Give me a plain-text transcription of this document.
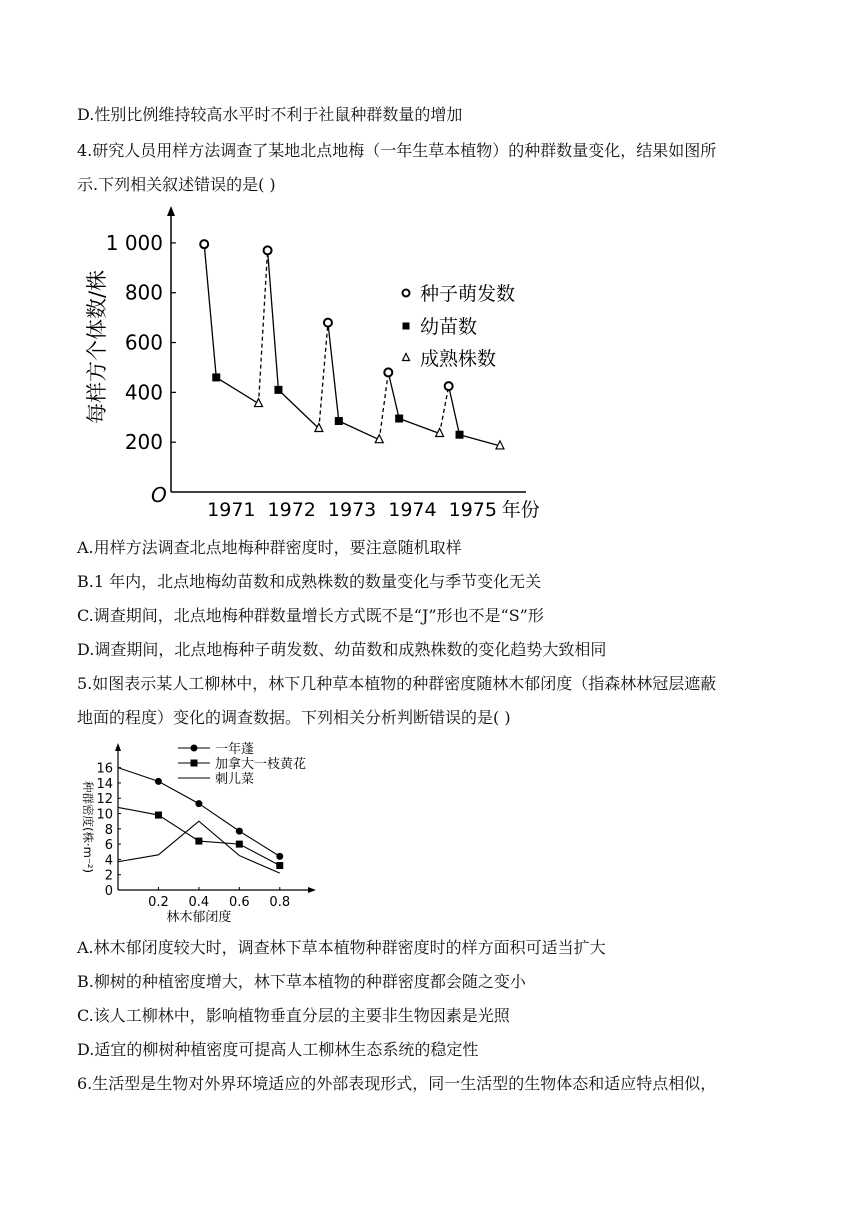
D.性别比例维持较高水平时不利于社鼠种群数量的增加
4.研究人员用样方法调查了某地北点地梅（一年生草本植物）的种群数量变化，结果如图所
示.下列相关叙述错误的是( )
O
200
400
600
800
1 000
1971 1972 1973 1974 1975 年份
每样方个体数/株	种子萌发数
幼苗数
成熟株数
A.用样方法调查北点地梅种群密度时，要注意随机取样
B.1 年内，北点地梅幼苗数和成熟株数的数量变化与季节变化无关
C.调查期间，北点地梅种群数量增长方式既不是“J”形也不是“S”形
D.调查期间，北点地梅种子萌发数、幼苗数和成熟株数的变化趋势大致相同
5.如图表示某人工柳林中，林下几种草本植物的种群密度随林木郁闭度（指森林林冠层遮蔽
地面的程度）变化的调查数据。下列相关分析判断错误的是( )
0
2
4
6
8
10
12
14
16
0.2 0.4 0.6 0.8
林木郁闭度
种群密度(株·m⁻²)
一年蓬
加拿大一枝黄花
刺儿菜
A.林木郁闭度较大时，调查林下草本植物种群密度时的样方面积可适当扩大
B.柳树的种植密度增大，林下草本植物的种群密度都会随之变小
C.该人工柳林中，影响植物垂直分层的主要非生物因素是光照
D.适宜的柳树种植密度可提高人工柳林生态系统的稳定性
6.生活型是生物对外界环境适应的外部表现形式，同一生活型的生物体态和适应特点相似，
